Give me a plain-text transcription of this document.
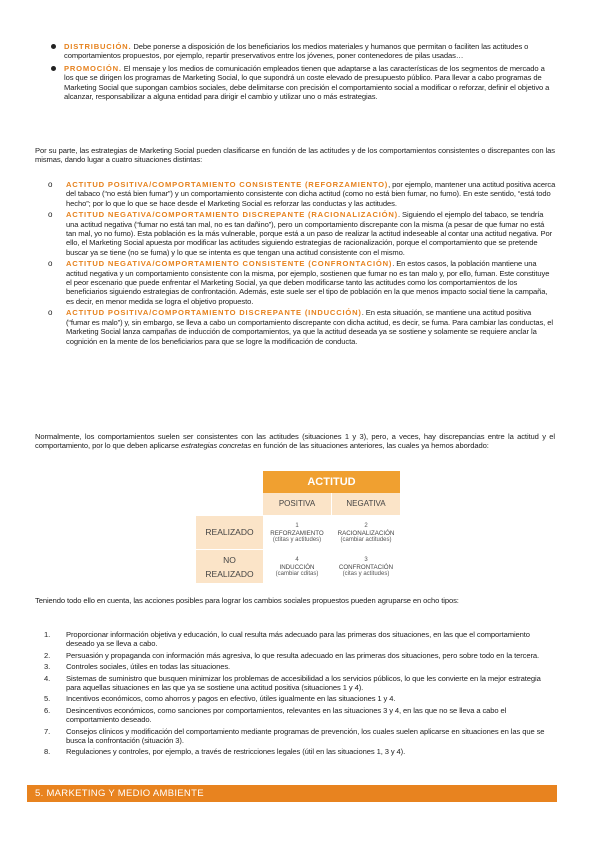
DISTRIBUCIÓN. Debe ponerse a disposición de los beneficiarios los medios materiales y humanos que permitan o faciliten las actitudes o comportamientos propuestos, por ejemplo, repartir preservativos entre los jóvenes, poner contenedores de pilas usadas…
PROMOCIÓN. El mensaje y los medios de comunicación empleados tienen que adaptarse a las características de los segmentos de mercado a los que se dirigen los programas de Marketing Social, lo que supondrá un coste elevado de presupuesto público. Para llevar a cabo programas de Marketing Social que supongan cambios sociales, debe delimitarse con precisión el comportamiento social a modificar o reforzar, definir el objetivo a alcanzar, responsabilizar a alguna entidad para dirigir el cambio y utilizar uno o más estrategias.
Por su parte, las estrategias de Marketing Social pueden clasificarse en función de las actitudes y de los comportamientos consistentes o discrepantes con las mismas, dando lugar a cuatro situaciones distintas:
o ACTITUD POSITIVA/COMPORTAMIENTO CONSISTENTE (REFORZAMIENTO), por ejemplo, mantener una actitud positiva acerca del tabaco (“no está bien fumar”) y un comportamiento consistente con dicha actitud (como no está bien fumar, no fumo). En este sentido, “está todo hecho”; por lo que lo que se hace desde el Marketing Social es reforzar las conductas y las actitudes.
o ACTITUD NEGATIVA/COMPORTAMIENTO DISCREPANTE (RACIONALIZACIÓN). Siguiendo el ejemplo del tabaco, se tendría una actitud negativa (“fumar no está tan mal, no es tan dañino”), pero un comportamiento discrepante con la misma (a pesar de que fumar no está tan mal, yo no fumo). Esta población es la más vulnerable, porque está a un paso de realizar la actitud indeseable al contar una actitud negativa. Por ello, el Marketing Social apuesta por modificar las actitudes siguiendo estrategias de racionalización, porque el comportamiento que se pretende buscar ya se tiene (no se fuma) y lo que se intenta es que tengan una actitud consistente con el mismo.
o ACTITUD NEGATIVA/COMPORTAMIENTO CONSISTENTE (CONFRONTACIÓN). En estos casos, la población mantiene una actitud negativa y un comportamiento consistente con la misma, por ejemplo, sostienen que fumar no es tan malo y, por ello, fuman. Este constituye el peor escenario que puede enfrentar el Marketing Social, ya que deben modificarse tanto las actitudes como los comportamientos de los beneficiarios siguiendo estrategias de confrontación. Además, este suele ser el tipo de población en la que menos impacto social tiene la campaña, es decir, en menor medida se logra el objetivo propuesto.
o ACTITUD POSITIVA/COMPORTAMIENTO DISCREPANTE (INDUCCIÓN). En esta situación, se mantiene una actitud positiva (“fumar es malo”) y, sin embargo, se lleva a cabo un comportamiento discrepante con dicha actitud, es decir, se fuma. Para cambiar las conductas, el Marketing Social lanza campañas de inducción de comportamientos, ya que la actitud deseada ya se sostiene y solamente se requiere anclar la cognición en la mente de los beneficiarios para que se logre la modificación de conducta.
Normalmente, los comportamientos suelen ser consistentes con las actitudes (situaciones 1 y 3), pero, a veces, hay discrepancias entre la actitud y el comportamiento, por lo que deben aplicarse estrategias concretas en función de las situaciones anteriores, las cuales ya hemos abordado:
ACTITUD
POSITIVA	NEGATIVA
REALIZADO
NO
REALIZADO
1
REFORZAMIENTO
(ctitas y actitudes)
2
RACIONALIZACIÓN
(cambiar actitudes)
4
INDUCCIÓN
(cambiar cditas)
3
CONFRONTACIÓN
(citas y actitudes)
Teniendo todo ello en cuenta, las acciones posibles para lograr los cambios sociales propuestos pueden agruparse en ocho tipos:
1. Proporcionar información objetiva y educación, lo cual resulta más adecuado para las primeras dos situaciones, en las que el comportamiento deseado ya se lleva a cabo.
2. Persuasión y propaganda con información más agresiva, lo que resulta adecuado en las primeras dos situaciones, pero sobre todo en la tercera.
3. Controles sociales, útiles en todas las situaciones.
4. Sistemas de suministro que busquen minimizar los problemas de accesibilidad a los servicios públicos, lo que les convierte en la mejor estrategia para aquellas situaciones en las que ya se sostiene una actitud positiva (situaciones 1 y 4).
5. Incentivos económicos, como ahorros y pagos en efectivo, útiles igualmente en las situaciones 1 y 4.
6. Desincentivos económicos, como sanciones por comportamientos, relevantes en las situaciones 3 y 4, en las que no se lleva a cabo el comportamiento deseado.
7. Consejos clínicos y modificación del comportamiento mediante programas de prevención, los cuales suelen aplicarse en situaciones en las que se busca la confrontación (situación 3).
8. Regulaciones y controles, por ejemplo, a través de restricciones legales (útil en las situaciones 1, 3 y 4).
5. MARKETING Y MEDIO AMBIENTE
